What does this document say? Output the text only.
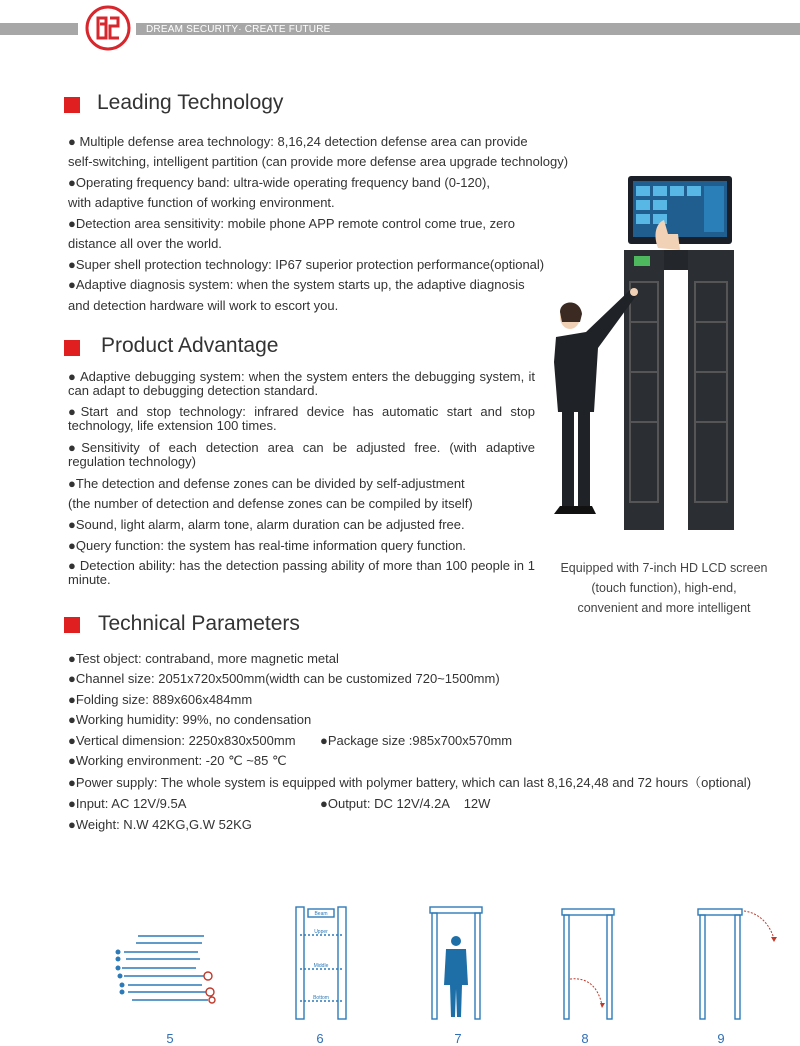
DREAM SECURITY· CREATE FUTURE
Leading Technology
● Multiple defense area technology: 8,16,24 detection defense area can provide
self-switching, intelligent partition (can provide more defense area upgrade technology)
●Operating frequency band: ultra-wide operating frequency band (0-120),
with adaptive function of working environment.
●Detection area sensitivity: mobile phone APP remote control come true, zero
distance all over the world.
●Super shell protection technology: IP67 superior protection performance(optional)
●Adaptive diagnosis system: when the system starts up, the adaptive diagnosis
and detection hardware will work to escort you.
Product Advantage
● Adaptive debugging system: when the system enters the debugging system, it can adapt to debugging detection standard.
●Start and stop technology: infrared device has automatic start and stop technology, life extension 100 times.
●Sensitivity of each detection area can be adjusted free. (with adaptive regulation technology)
●The detection and defense zones can be divided by self-adjustment
(the number of detection and defense zones can be compiled by itself)
●Sound, light alarm, alarm tone, alarm duration can be adjusted free.
●Query function: the system has real-time information query function.
● Detection ability: has the detection passing ability of more than 100 people in 1 minute.
Equipped with 7-inch HD LCD screen
(touch function), high-end,
convenient and more intelligent
Technical Parameters
●Test object: contraband, more magnetic metal
●Channel size: 2051x720x500mm(width can be customized 720~1500mm)
●Folding size: 889x606x484mm
●Working humidity: 99%, no condensation
●Vertical dimension: 2250x830x500mm ●Package size :985x700x570mm
●Working environment: -20 ℃ ~85 ℃
●Power supply: The whole system is equipped with polymer battery, which can last 8,16,24,48 and 72 hours（optional)
●Input: AC 12V/9.5A	●Output: DC 12V/4.2A    12W
●Weight: N.W 42KG,G.W 52KG
Beam
Upper
Middle
Bottom
5	6	7	8	9
